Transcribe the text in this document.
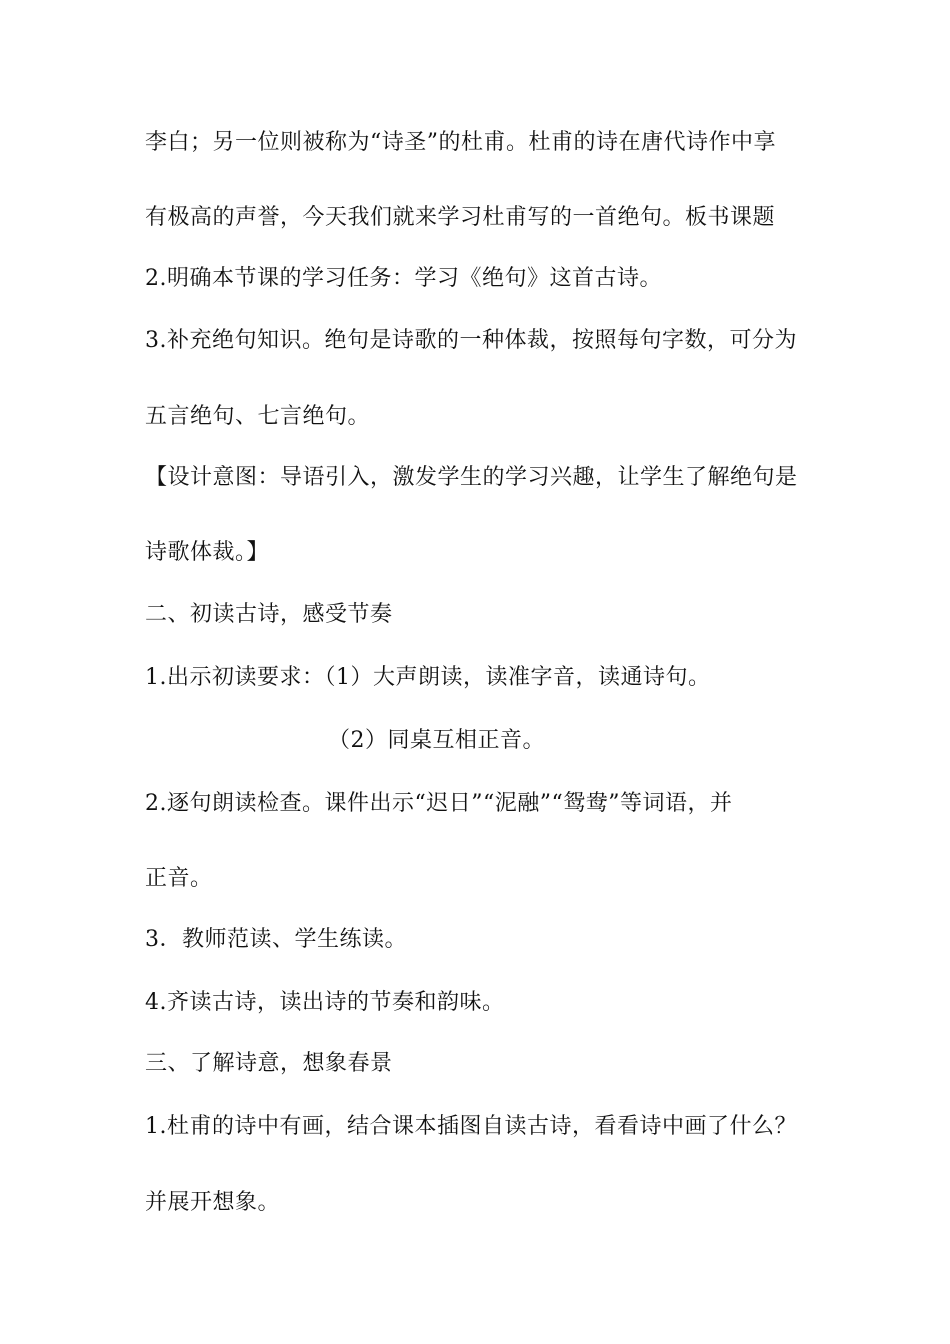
李白；另一位则被称为“诗圣”的杜甫。杜甫的诗在唐代诗作中享
有极高的声誉，今天我们就来学习杜甫写的一首绝句。板书课题
2.明确本节课的学习任务：学习《绝句》这首古诗。
3.补充绝句知识。绝句是诗歌的一种体裁，按照每句字数，可分为
五言绝句、七言绝句。
【设计意图：导语引入，激发学生的学习兴趣，让学生了解绝句是
诗歌体裁。】
二、初读古诗，感受节奏
1.出示初读要求：（1）大声朗读，读准字音，读通诗句。
（2）同桌互相正音。
2.逐句朗读检查。课件出示“迟日”“泥融”“鸳鸯”等词语，并
正音。
3．教师范读、学生练读。
4.齐读古诗，读出诗的节奏和韵味。
三、了解诗意，想象春景
1.杜甫的诗中有画，结合课本插图自读古诗，看看诗中画了什么？
并展开想象。
